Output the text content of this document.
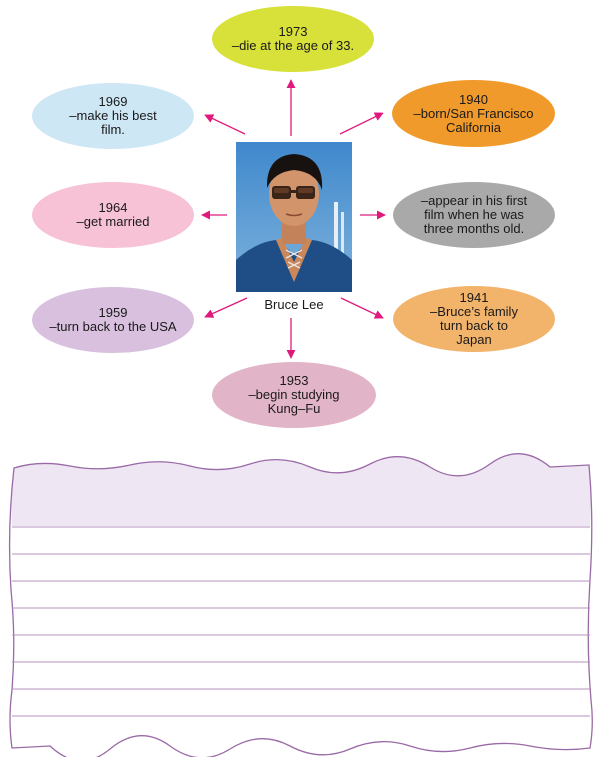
1973
–die at the age of 33.
1940
–born/San Francisco
California
–appear in his first
film when he was
three months old.
1941
–Bruce’s family
turn back to
Japan
1953
–begin studying
Kung–Fu
1959
–turn back to the USA
1964
–get married
1969
–make his best
film.
Bruce Lee
